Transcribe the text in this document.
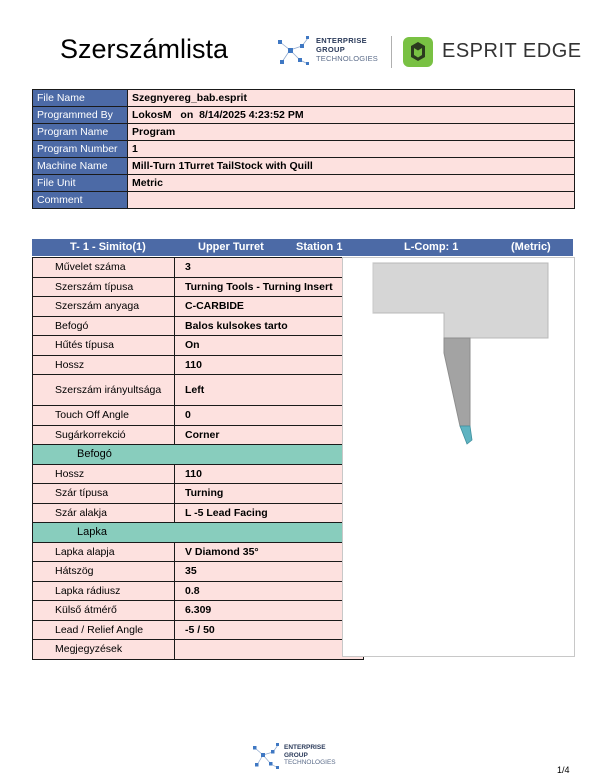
Szerszámlista	ENTERPRISE
GROUP
TECHNOLOGIES	ESPRIT EDGE
File Name	Szegnyereg_bab.esprit
Programmed By	LokosM   on  8/14/2025 4:23:52 PM
Program Name	Program
Program Number	1
Machine Name	Mill-Turn 1Turret TailStock with Quill
File Unit	Metric
Comment	
T- 1 - Simito(1)	Upper Turret	Station 1	L-Comp: 1	(Metric)
Művelet száma	3
Szerszám típusa	Turning Tools - Turning Insert
Szerszám anyaga	C-CARBIDE
Befogó	Balos kulsokes tarto
Hűtés típusa	On
Hossz	110
Szerszám irányultsága	Left
Touch Off Angle	0
Sugárkorrekció	Corner
Befogó	
Hossz	110
Szár típusa	Turning
Szár alakja	L -5 Lead Facing
Lapka	
Lapka alapja	V Diamond 35°
Hátszög	35
Lapka rádiusz	0.8
Külső átmérő	6.309
Lead / Relief Angle	-5 / 50
Megjegyzések	
ENTERPRISE
GROUP
TECHNOLOGIES
1/4
